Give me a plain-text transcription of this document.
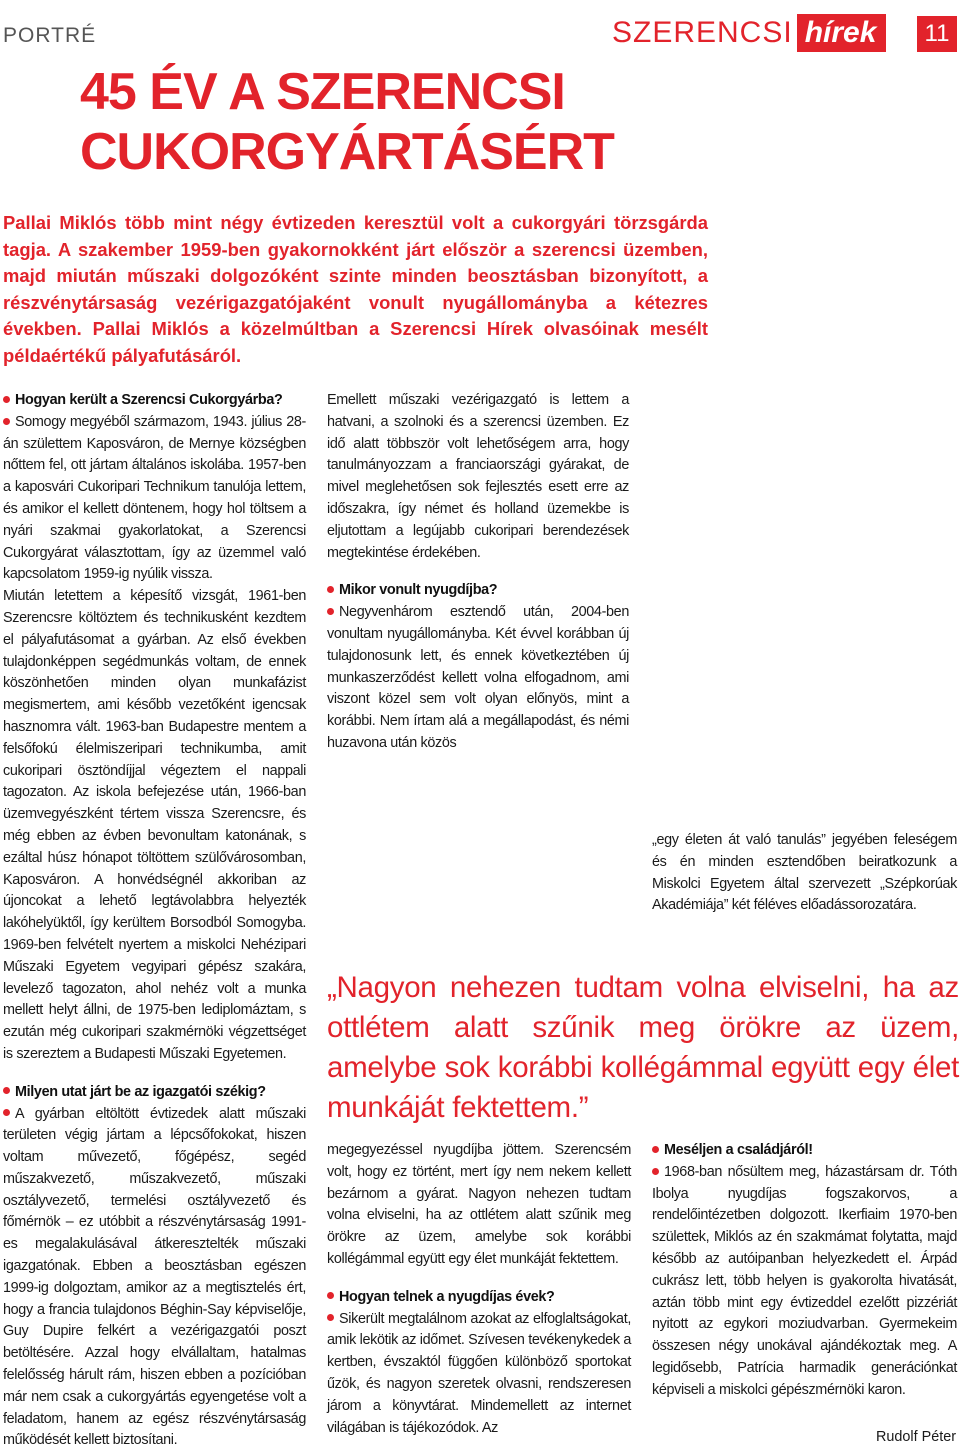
PORTRÉ	SZERENCSI hírek	11
45 ÉV A SZERENCSI
CUKORGYÁRTÁSÉRT
Pallai Miklós több mint négy évtizeden keresztül volt a cukorgyári törzsgárda tagja. A szakember 1959-ben gyakornokként járt először a szerencsi üzemben, majd miután műszaki dolgozóként szinte minden beosztásban bizonyított, a részvénytársaság vezérigazgatójaként vonult nyugállományba a kétezres években. Pallai Miklós a közelmúltban a Szerencsi Hírek olvasóinak mesélt példaértékű pályafutásáról.
Hogyan került a Szerencsi Cukorgyárba?
Somogy megyéből származom, 1943. július 28-án születtem Kaposváron, de Mernye községben nőttem fel, ott jártam általános iskolába. 1957-ben a kaposvári Cukoripari Technikum tanulója lettem, és amikor el kellett döntenem, hogy hol töltsem a nyári szakmai gyakorlatokat, a Szerencsi Cukorgyárat választottam, így az üzemmel való kapcsolatom 1959-ig nyúlik vissza.
Miután letettem a képesítő vizsgát, 1961-ben Szerencsre költöztem és technikusként kezdtem el pályafutásomat a gyárban. Az első években tulajdonképpen segédmunkás voltam, de ennek köszönhetően minden olyan munkafázist megismertem, ami később vezetőként igencsak hasznomra vált. 1963-ban Budapestre mentem a felsőfokú élelmiszeripari technikumba, amit cukoripari ösztöndíjjal végeztem el nappali tagozaton. Az iskola befejezése után, 1966-ban üzemvegyészként tértem vissza Szerencsre, és még ebben az évben bevonultam katonának, s ezáltal húsz hónapot töltöttem szülővárosomban, Kaposváron. A honvédségnél akkoriban az újoncokat a lehető legtávolabbra helyezték lakóhelyüktől, így kerültem Borsodból Somogyba. 1969-ben felvételt nyertem a miskolci Nehézipari Műszaki Egyetem vegyipari gépész szakára, levelező tagozaton, ahol nehéz volt a munka mellett helyt állni, de 1975-ben lediplomáztam, s ezután még cukoripari szakmérnöki végzettséget is szereztem a Budapesti Műszaki Egyetemen.
Milyen utat járt be az igazgatói székig?
A gyárban eltöltött évtizedek alatt műszaki területen végig jártam a lépcsőfokokat, hiszen voltam művezető, főgépész, segéd műszakvezető, műszakvezető, műszaki osztályvezető, termelési osztályvezető és főmérnök – ez utóbbit a részvénytársaság 1991-es megalakulásával átkeresztelték műszaki igazgatónak. Ebben a beosztásban egészen 1999-ig dolgoztam, amikor az a megtisztelés ért, hogy a francia tulajdonos Béghin-Say képviselője, Guy Dupire felkért a vezérigazgatói poszt betöltésére. Azzal hogy elvállaltam, hatalmas felelősség hárult rám, hiszen ebben a pozícióban már nem csak a cukorgyártás egyengetése volt a feladatom, hanem az egész részvénytársaság működését kellett biztosítani.
Emellett műszaki vezérigazgató is lettem a hatvani, a szolnoki és a szerencsi üzemben. Ez idő alatt többször volt lehetőségem arra, hogy tanulmányozzam a franciaországi gyárakat, de mivel meglehetősen sok fejlesztés esett erre az időszakra, így német és holland üzemekbe is eljutottam a legújabb cukoripari berendezések megtekintése érdekében.
Mikor vonult nyugdíjba?
Negyvenhárom esztendő után, 2004-ben vonultam nyugállományba. Két évvel korábban új tulajdonosunk lett, és ennek következtében új munkaszerződést kellett volna elfogadnom, ami viszont közel sem volt olyan előnyös, mint a korábbi. Nem írtam alá a megállapodást, és némi huzavona után közös
„egy életen át való tanulás” jegyében feleségem és én minden esztendőben beiratkozunk a Miskolci Egyetem által szervezett „Szépkorúak Akadémiája” két féléves előadássorozatára.
„Nagyon nehezen tudtam volna elviselni, ha az ottlétem alatt szűnik meg örökre az üzem, amelybe sok korábbi kollégámmal együtt egy élet munkáját fektettem.”
megegyezéssel nyugdíjba jöttem. Szerencsém volt, hogy ez történt, mert így nem nekem kellett bezárnom a gyárat. Nagyon nehezen tudtam volna elviselni, ha az ottlétem alatt szűnik meg örökre az üzem, amelybe sok korábbi kollégámmal együtt egy élet munkáját fektettem.
Hogyan telnek a nyugdíjas évek?
Sikerült megtalálnom azokat az elfoglaltságokat, amik lekötik az időmet. Szívesen tevékenykedek a kertben, évszaktól függően különböző sportokat űzök, és nagyon szeretek olvasni, rendszeresen járom a könyvtárat. Mindemellett az internet világában is tájékozódok. Az
Meséljen a családjáról!
1968-ban nősültem meg, házastársam dr. Tóth Ibolya nyugdíjas fogszakorvos, a rendelőintézetben dolgozott. Ikerfiaim 1970-ben születtek, Miklós az én szakmámat folytatta, majd később az autóipanban helyezkedett el. Árpád cukrász lett, több helyen is gyakorolta hivatását, aztán több mint egy évtizeddel ezelőtt pizzériát nyitott az egykori moziudvarban. Gyermekeim összesen négy unokával ajándékoztak meg. A legidősebb, Patrícia harmadik generációnkat képviseli a miskolci gépészmérnöki karon.
Rudolf Péter
